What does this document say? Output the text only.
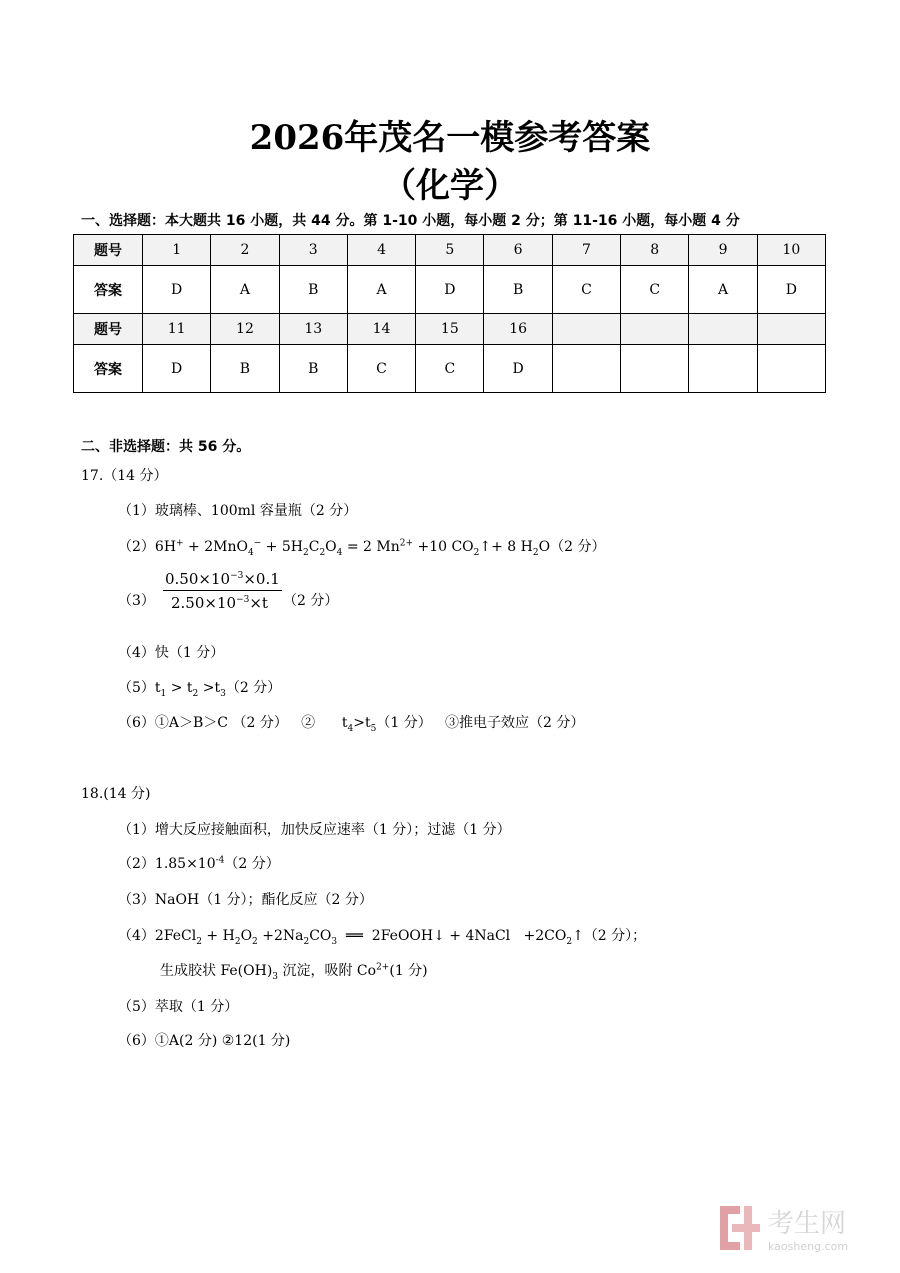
2026年茂名一模参考答案
（化学）
一、选择题：本大题共 16 小题，共 44 分。第 1-10 小题，每小题 2 分；第 11-16 小题，每小题 4 分
题号	1	2	3	4	5	6	7	8	9	10
答案	D	A	B	A	D	B	C	C	A	D
题号	11	12	13	14	15	16				
答案	D	B	B	C	C	D				
二、非选择题：共 56 分。
17.（14 分）
（1）玻璃棒、100ml 容量瓶（2 分）
$(2)6H^+ + 2MnO_4^- + 5H_2C_2O_4 = 2$ $Mn^{2+} +10$ $CO_2↑+ 8$ $H_2O(2$ 分）
$(3) \frac{0.50\times 10^{-3}\times 0.1}{2.50\times 10^{-3}\times t} (2$ 分）
（4）快（1 分）
$(5)t_1 > t_2 >t_3(2$ 分）
（6）①A＞B＞C （2 分）   ②      $t_4>t_5(1$ 分）   ③推电子效应（2 分）
18.(14 分)
（1）增大反应接触面积，加快反应速率（1 分）；过滤（1 分）
$(2)1.85\times 10^{-4}(2$ 分）
（3）NaOH（1 分）；酯化反应（2 分）
（4）2FeCl$_2$ + $H_2O_2 +2Na_2CO_3$  ══  2FeOOH↓ + 4NaCl   $+2CO_2↑(2$ 分）；
生成胶状 $Fe(OH)_3$ 沉淀，吸附 $Co^{2+}(1$ 分)
（5）萃取（1 分）
（6）①A(2 分) ②12(1 分)
考生网
kaosheng.com
